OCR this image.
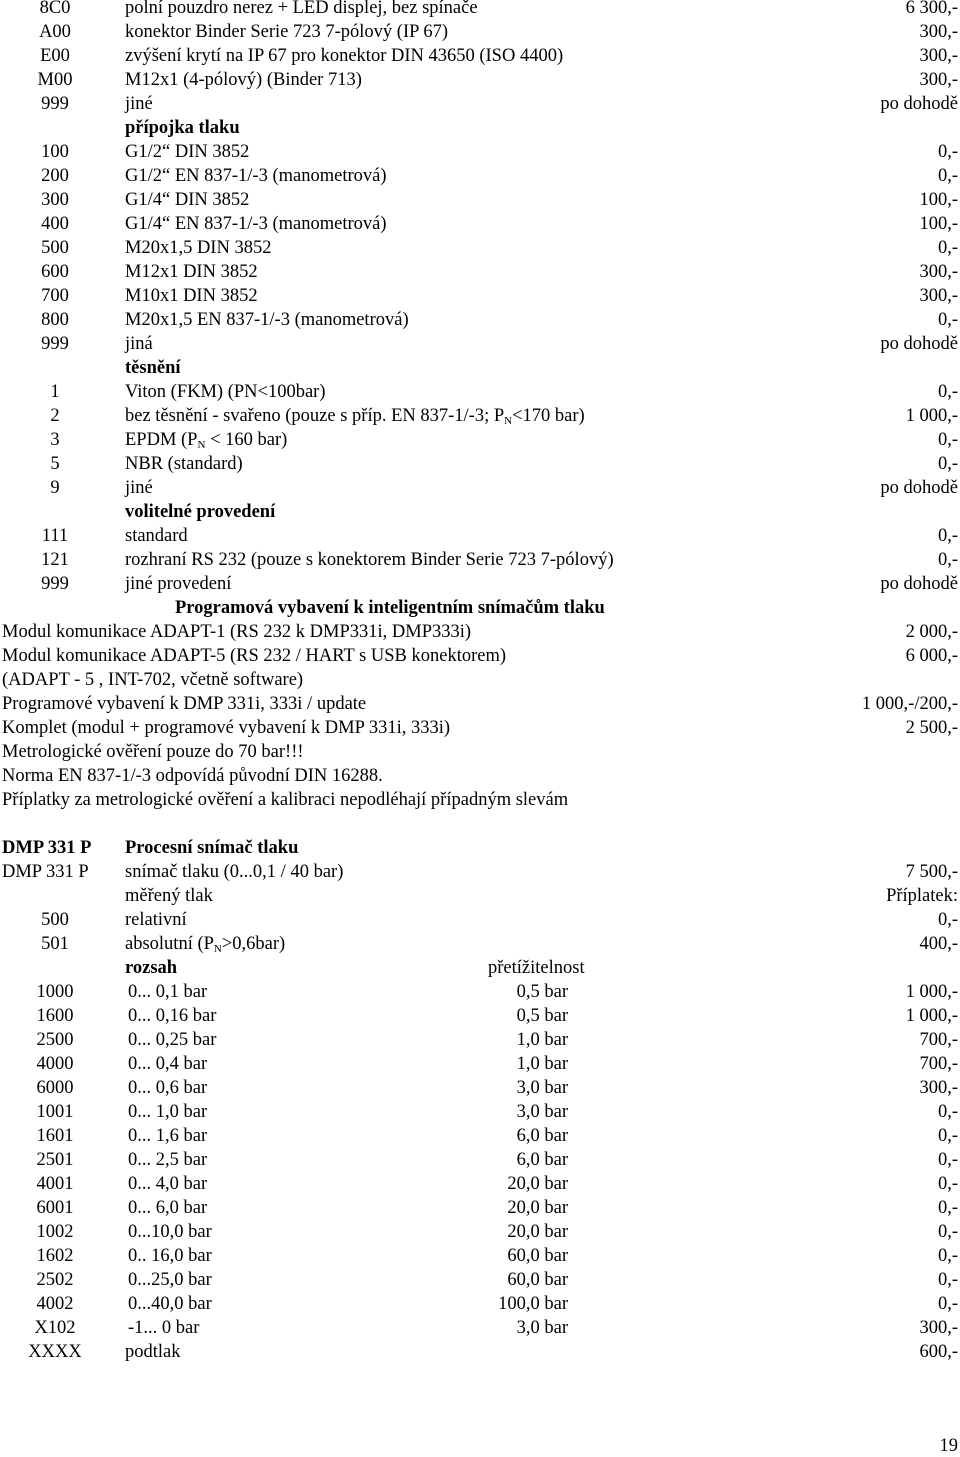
8C0	polní pouzdro nerez + LED displej, bez spínače	6 300,-
A00	konektor Binder Serie 723 7-pólový (IP 67)	300,-
E00	zvýšení krytí na IP 67 pro konektor DIN 43650 (ISO 4400)	300,-
M00	M12x1 (4-pólový) (Binder 713)	300,-
999	jiné	po dohodě
přípojka tlaku
100	G1/2“ DIN 3852	0,-
200	G1/2“ EN 837-1/-3 (manometrová)	0,-
300	G1/4“ DIN 3852	100,-
400	G1/4“ EN 837-1/-3 (manometrová)	100,-
500	M20x1,5 DIN 3852	0,-
600	M12x1 DIN 3852	300,-
700	M10x1 DIN 3852	300,-
800	M20x1,5 EN 837-1/-3 (manometrová)	0,-
999	jiná	po dohodě
těsnění
1	Viton (FKM) (PN<100bar)	0,-
2	bez těsnění - svařeno (pouze s příp. EN 837-1/-3; $P_N<170$ bar)	1 000,-
3	EPDM ($P_N < 160$ bar)	0,-
5	NBR (standard)	0,-
9	jiné	po dohodě
volitelné provedení
111	standard	0,-
121	rozhraní RS 232 (pouze s konektorem Binder Serie 723 7-pólový)	0,-
999	jiné provedení	po dohodě
Programová vybavení k inteligentním snímačům tlaku
Modul komunikace ADAPT-1 (RS 232 k DMP331i, DMP333i)	2 000,-
Modul komunikace ADAPT-5 (RS 232 / HART s USB konektorem)	6 000,-
(ADAPT - 5 , INT-702, včetně software)
Programové vybavení k DMP 331i, 333i / update	1 000,-/200,-
Komplet (modul + programové vybavení k DMP 331i, 333i)	2 500,-
Metrologické ověření pouze do 70 bar!!!
Norma EN 837-1/-3 odpovídá původní DIN 16288.
Příplatky za metrologické ověření a kalibraci nepodléhají případným slevám
DMP 331 P Procesní snímač tlaku
DMP 331 P snímač tlaku (0...0,1 / 40 bar)	7 500,-
měřený tlak	Příplatek:
500	relativní	0,-
501	absolutní $(P_N>0,6bar)$	400,-
rozsah	přetížitelnost
1000	0... 0,1 bar	0,5 bar	1 000,-
1600	0... 0,16 bar	0,5 bar	1 000,-
2500	0... 0,25 bar	1,0 bar	700,-
4000	0... 0,4 bar	1,0 bar	700,-
6000	0... 0,6 bar	3,0 bar	300,-
1001	0... 1,0 bar	3,0 bar	0,-
1601	0... 1,6 bar	6,0 bar	0,-
2501	0... 2,5 bar	6,0 bar	0,-
4001	0... 4,0 bar	20,0 bar	0,-
6001	0... 6,0 bar	20,0 bar	0,-
1002	0...10,0 bar	20,0 bar	0,-
1602	0.. 16,0 bar	60,0 bar	0,-
2502	0...25,0 bar	60,0 bar	0,-
4002	0...40,0 bar	100,0 bar	0,-
X102	-1... 0 bar	3,0 bar	300,-
XXXX	podtlak	600,-
19
